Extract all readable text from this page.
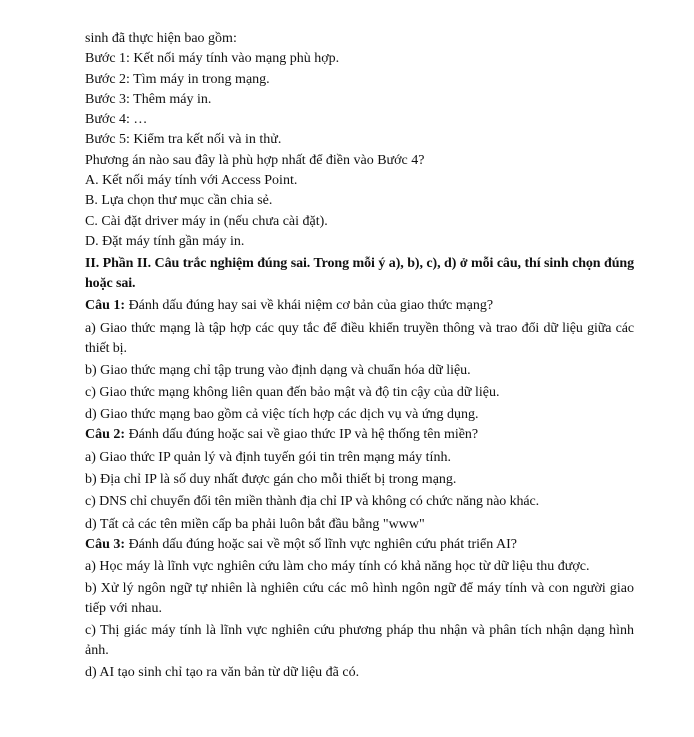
sinh đã thực hiện bao gồm:
Bước 1: Kết nối máy tính vào mạng phù hợp.
Bước 2: Tìm máy in trong mạng.
Bước 3: Thêm máy in.
Bước 4: …
Bước 5: Kiểm tra kết nối và in thử.
Phương án nào sau đây là phù hợp nhất để điền vào Bước 4?
A. Kết nối máy tính với Access Point.
B. Lựa chọn thư mục cần chia sẻ.
C. Cài đặt driver máy in (nếu chưa cài đặt).
D. Đặt máy tính gần máy in.
II. Phần II. Câu trắc nghiệm đúng sai. Trong mỗi ý a), b), c), d) ở mỗi câu, thí sinh chọn đúng hoặc sai.
Câu 1: Đánh dấu đúng hay sai về khái niệm cơ bản của giao thức mạng?
a) Giao thức mạng là tập hợp các quy tắc để điều khiển truyền thông và trao đổi dữ liệu giữa các thiết bị.
b) Giao thức mạng chỉ tập trung vào định dạng và chuẩn hóa dữ liệu.
c) Giao thức mạng không liên quan đến bảo mật và độ tin cậy của dữ liệu.
d) Giao thức mạng bao gồm cả việc tích hợp các dịch vụ và ứng dụng.
Câu 2: Đánh dấu đúng hoặc sai về giao thức IP và hệ thống tên miền?
a) Giao thức IP quản lý và định tuyến gói tin trên mạng máy tính.
b) Địa chỉ IP là số duy nhất được gán cho mỗi thiết bị trong mạng.
c) DNS chỉ chuyển đổi tên miền thành địa chỉ IP và không có chức năng nào khác.
d) Tất cả các tên miền cấp ba phải luôn bắt đầu bằng "www"
Câu 3: Đánh dấu đúng hoặc sai về một số lĩnh vực nghiên cứu phát triển AI?
a) Học máy là lĩnh vực nghiên cứu làm cho máy tính có khả năng học từ dữ liệu thu được.
b) Xử lý ngôn ngữ tự nhiên là nghiên cứu các mô hình ngôn ngữ để máy tính và con người giao tiếp với nhau.
c) Thị giác máy tính là lĩnh vực nghiên cứu phương pháp thu nhận và phân tích nhận dạng hình ảnh.
d) AI tạo sinh chỉ tạo ra văn bản từ dữ liệu đã có.
